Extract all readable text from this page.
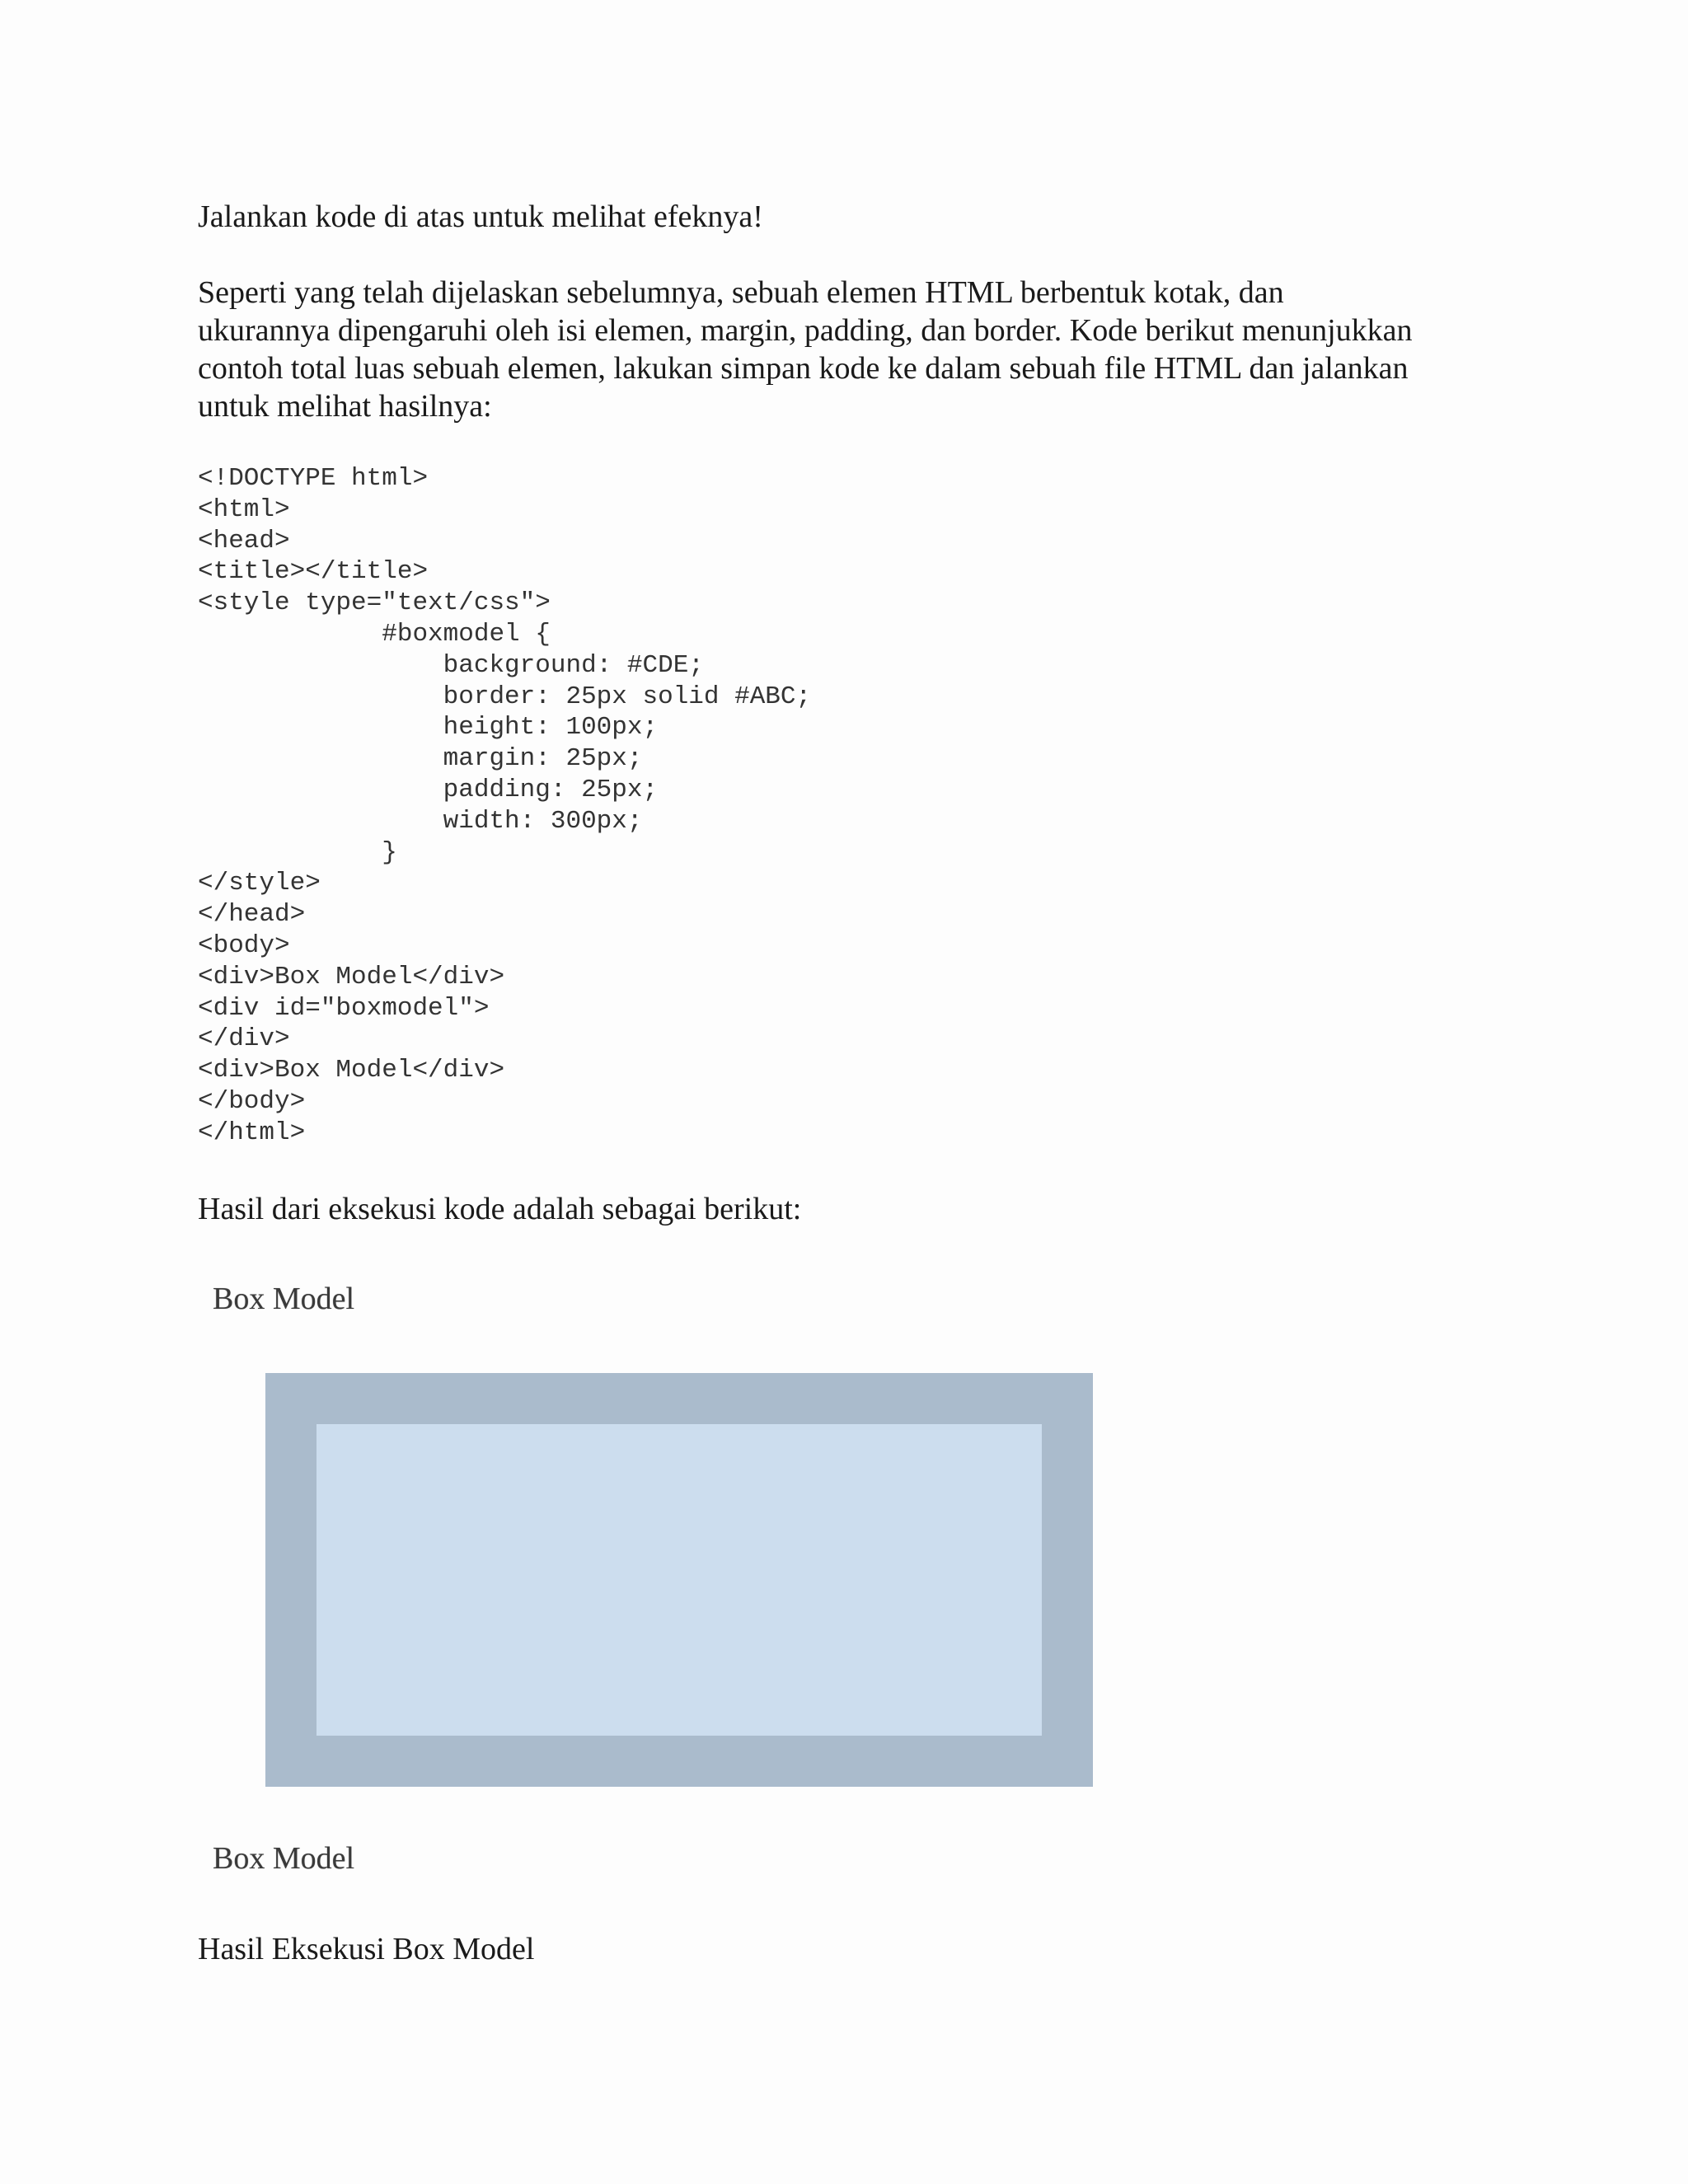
Jalankan kode di atas untuk melihat efeknya!

Seperti yang telah dijelaskan sebelumnya, sebuah elemen HTML berbentuk kotak, dan

ukurannya dipengaruhi oleh isi elemen, margin, padding, dan border. Kode berikut menunjukkan

contoh total luas sebuah elemen, lakukan simpan kode ke dalam sebuah file HTML dan jalankan

untuk melihat hasilnya:

<!DOCTYPE html>
<html>
<head>
<title></title>
<style type="text/css">
#boxmodel {
background: #CDE;
border: 25px solid #ABC;
height: 100px;
margin: 25px;
padding: 25px;
width: 300px;
}
</style>
</head>
<body>
<div>Box Model</div>
<div id="boxmodel">
</div>
<div>Box Model</div>
</body>
</html>

Hasil dari eksekusi kode adalah sebagai berikut:

Box Model

Box Model

Hasil Eksekusi Box Model
